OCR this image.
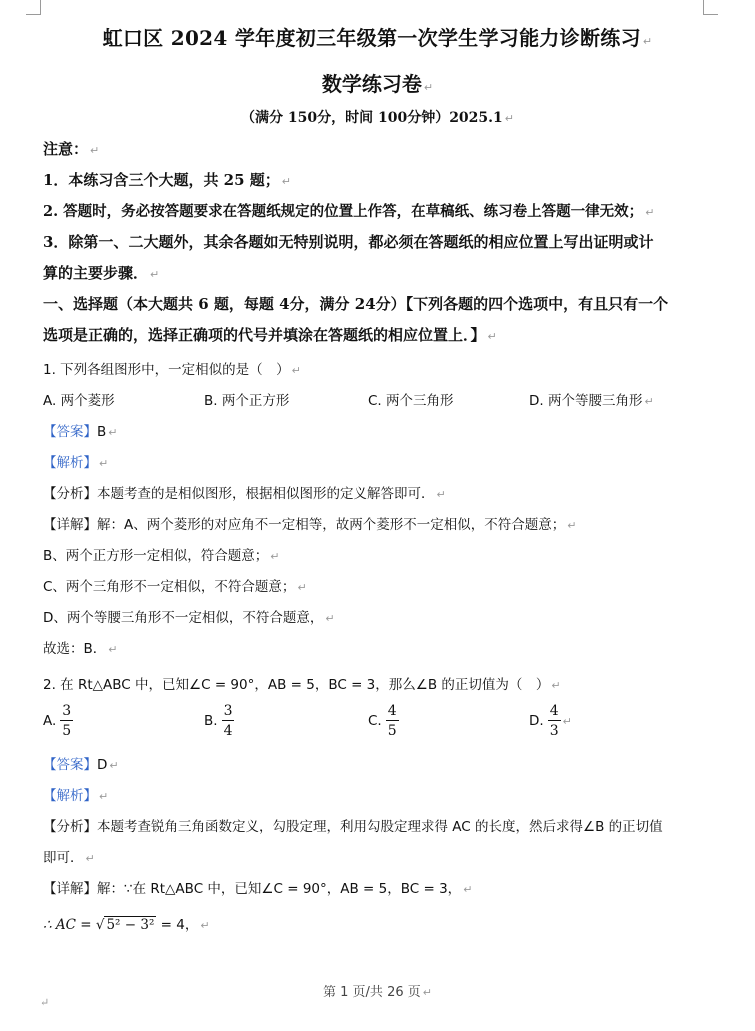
虹口区 2024 学年度初三年级第一次学生学习能力诊断练习 ↵
数学练习卷 ↵
（满分 150分，时间 100分钟）2025.1 ↵
注意： ↵
1．本练习含三个大题，共 25 题； ↵
2. 答题时，务必按答题要求在答题纸规定的位置上作答，在草稿纸、练习卷上答题一律无效； ↵
3．除第一、二大题外，其余各题如无特别说明，都必须在答题纸的相应位置上写出证明或计
算的主要步骤． ↵
一、选择题（本大题共 6 题，每题 4分，满分 24分）【下列各题的四个选项中，有且只有一个
选项是正确的，选择正确项的代号并填涂在答题纸的相应位置上．】 ↵
1. 下列各组图形中，一定相似的是（　） ↵
A. 两个菱形	B. 两个正方形	C. 两个三角形	D. 两个等腰三角形 ↵
【答案】B ↵
【解析】 ↵
【分析】本题考查的是相似图形，根据相似图形的定义解答即可． ↵
【详解】解：A、两个菱形的对应角不一定相等，故两个菱形不一定相似，不符合题意； ↵
B、两个正方形一定相似，符合题意； ↵
C、两个三角形不一定相似，不符合题意； ↵
D、两个等腰三角形不一定相似，不符合题意， ↵
故选：B． ↵
2. 在 Rt△ABC 中，已知∠C = 90°，AB = 5，BC = 3，那么∠B 的正切值为（　） ↵
A. $\frac{3}{5}$	B. $\frac{3}{4}$	C. $\frac{4}{5}$	D. $\frac{4}{3}$ ↵
【答案】D ↵
【解析】 ↵
【分析】本题考查锐角三角函数定义，勾股定理，利用勾股定理求得 AC 的长度，然后求得∠B 的正切值
即可． ↵
【详解】解：∵在 Rt△ABC 中，已知∠C = 90°，AB = 5，BC = 3， ↵
∴ AC = √ 5² − 3² = 4， ↵
第 1 页/共 26 页 ↵
↵
